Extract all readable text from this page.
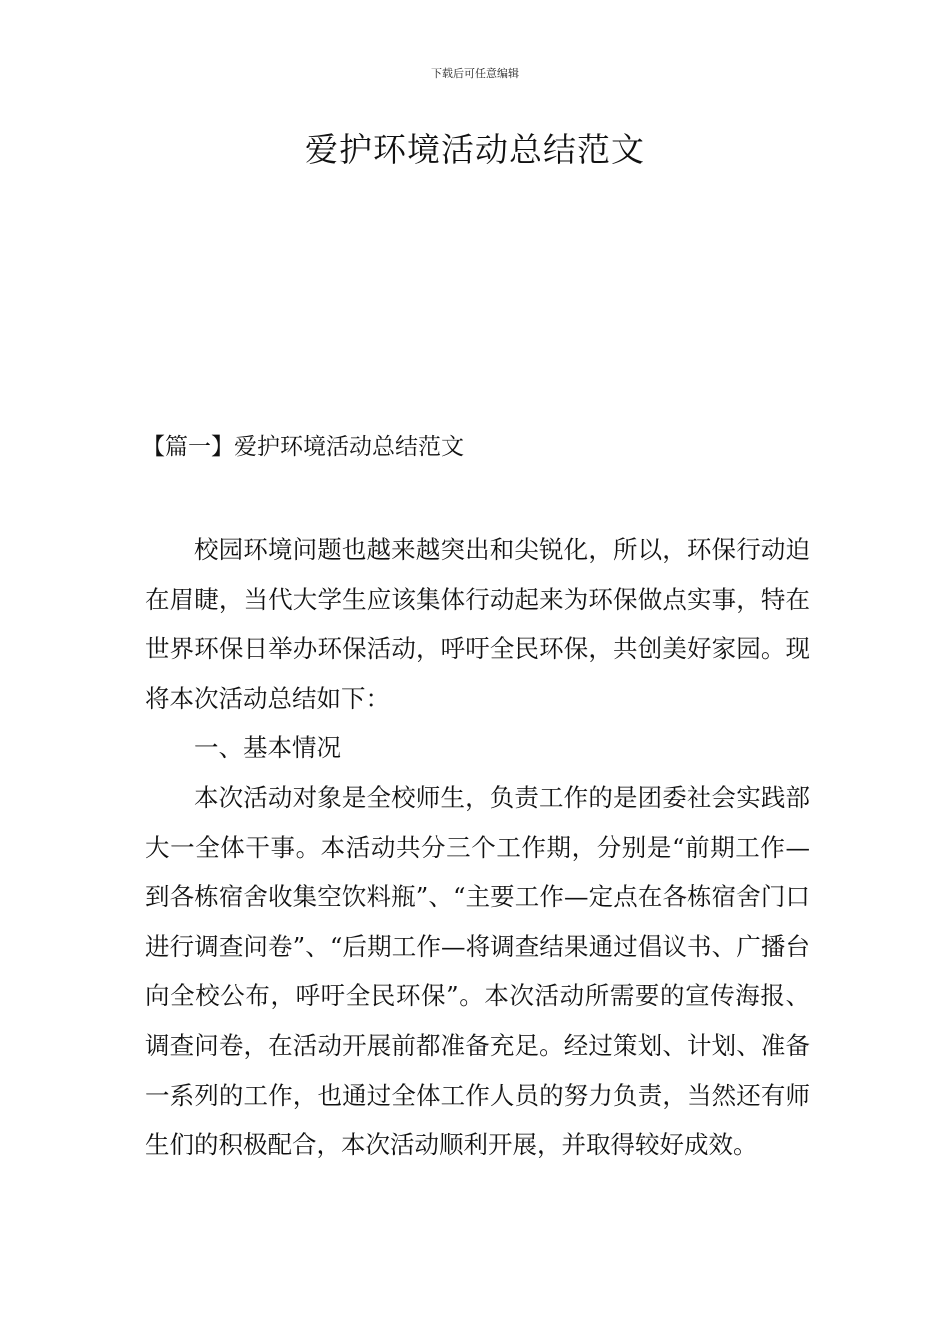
下载后可任意编辑
爱护环境活动总结范文
【篇一】爱护环境活动总结范文

校园环境问题也越来越突出和尖锐化，所以，环保行动迫在眉睫，当代大学生应该集体行动起来为环保做点实事，特在世界环保日举办环保活动，呼吁全民环保，共创美好家园。现将本次活动总结如下：

一、基本情况

本次活动对象是全校师生，负责工作的是团委社会实践部大一全体干事。本活动共分三个工作期，分别是“前期工作—到各栋宿舍收集空饮料瓶”、“主要工作—定点在各栋宿舍门口进行调查问卷”、“后期工作—将调查结果通过倡议书、广播台向全校公布，呼吁全民环保”。本次活动所需要的宣传海报、调查问卷，在活动开展前都准备充足。经过策划、计划、准备一系列的工作，也通过全体工作人员的努力负责，当然还有师生们的积极配合，本次活动顺利开展，并取得较好成效。
